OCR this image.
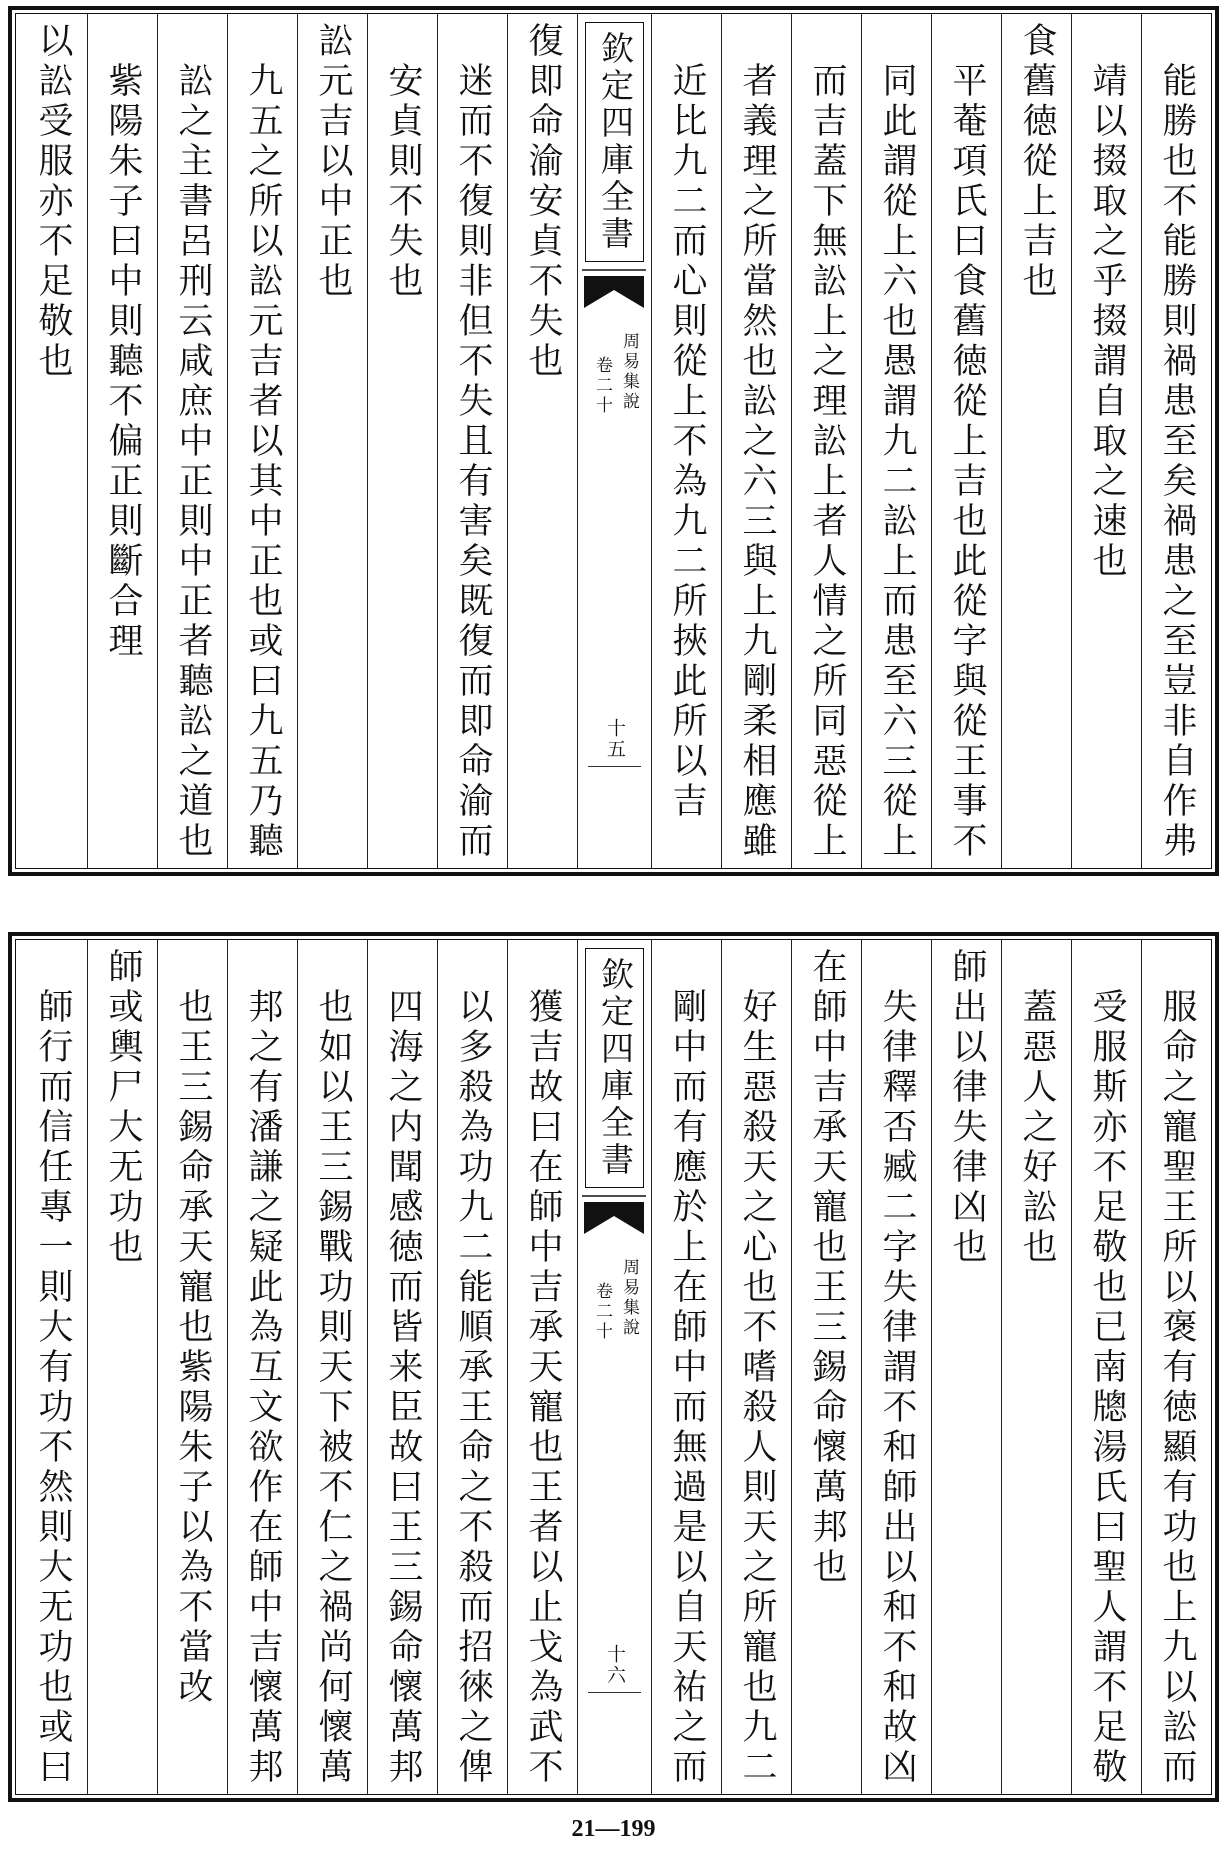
能勝也不能勝則禍患至矣禍患之至豈非自作弗
靖以掇取之乎掇謂自取之速也
食舊徳從上吉也
平菴項氏曰食舊徳從上吉也此從字與從王事不
同此謂從上六也愚謂九二訟上而患至六三從上
而吉蓋下無訟上之理訟上者人情之所同惡從上
者義理之所當然也訟之六三與上九剛柔相應雖
近比九二而心則從上不為九二所挾此所以吉
欽定四庫全書
周易集說
卷二十
十五
復即命渝安貞不失也
迷而不復則非但不失且有害矣既復而即命渝而
安貞則不失也
訟元吉以中正也
九五之所以訟元吉者以其中正也或曰九五乃聽
訟之主書呂刑云咸庶中正則中正者聽訟之道也
紫陽朱子曰中則聽不偏正則斷合理
以訟受服亦不足敬也
服命之寵聖王所以褒有徳顯有功也上九以訟而
受服斯亦不足敬也已南牕湯氏曰聖人謂不足敬
蓋惡人之好訟也
師出以律失律凶也
失律釋否臧二字失律謂不和師出以和不和故凶
在師中吉承天寵也王三錫命懷萬邦也
好生惡殺天之心也不嗜殺人則天之所寵也九二
剛中而有應於上在師中而無過是以自天祐之而
欽定四庫全書
周易集說
卷二十
十六
獲吉故曰在師中吉承天寵也王者以止戈為武不
以多殺為功九二能順承王命之不殺而招徠之俾
四海之内聞感徳而皆来臣故曰王三錫命懷萬邦
也如以王三錫戰功則天下被不仁之禍尚何懷萬
邦之有潘謙之疑此為互文欲作在師中吉懷萬邦
也王三錫命承天寵也紫陽朱子以為不當改
師或輿尸大无功也
師行而信任專一則大有功不然則大无功也或曰
21—199
